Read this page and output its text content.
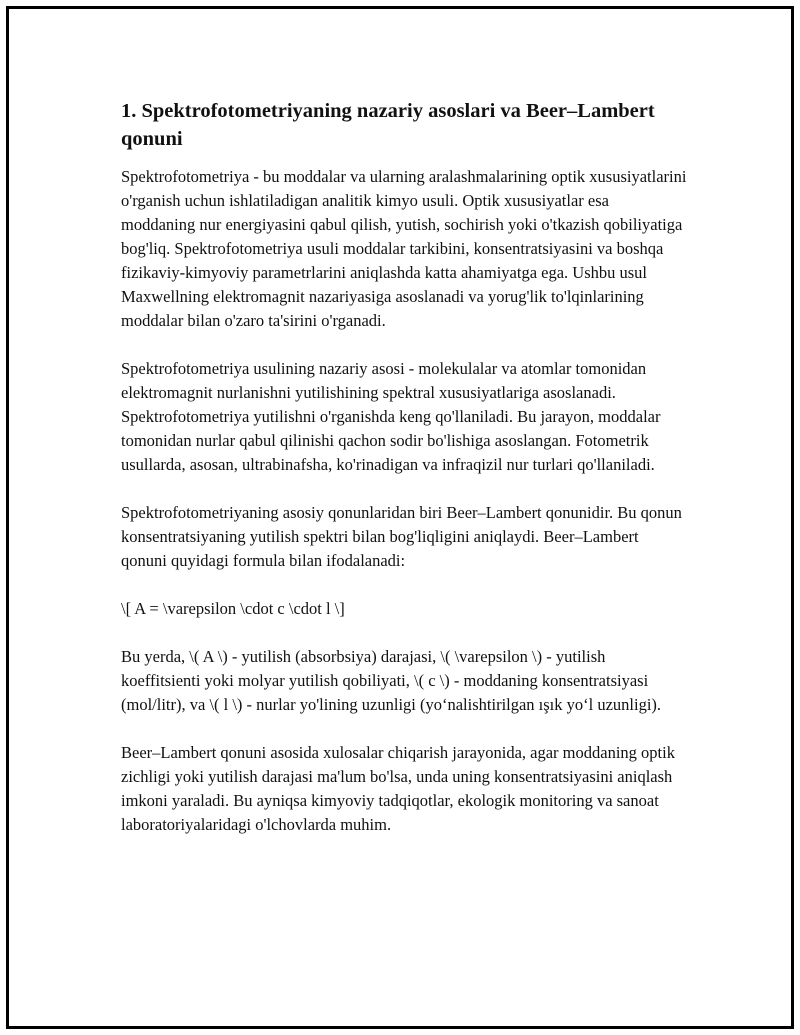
1. Spektrofotometriyaning nazariy asoslari va Beer–Lambert qonuni

Spektrofotometriya - bu moddalar va ularning aralashmalarining optik xususiyatlarini o'rganish uchun ishlatiladigan analitik kimyo usuli. Optik xususiyatlar esa moddaning nur energiyasini qabul qilish, yutish, sochirish yoki o'tkazish qobiliyatiga bog'liq. Spektrofotometriya usuli moddalar tarkibini, konsentratsiyasini va boshqa fizikaviy-kimyoviy parametrlarini aniqlashda katta ahamiyatga ega. Ushbu usul Maxwellning elektromagnit nazariyasiga asoslanadi va yorug'lik to'lqinlarining moddalar bilan o'zaro ta'sirini o'rganadi.

Spektrofotometriya usulining nazariy asosi - molekulalar va atomlar tomonidan elektromagnit nurlanishni yutilishining spektral xususiyatlariga asoslanadi. Spektrofotometriya yutilishni o'rganishda keng qo'llaniladi. Bu jarayon, moddalar tomonidan nurlar qabul qilinishi qachon sodir bo'lishiga asoslangan. Fotometrik usullarda, asosan, ultrabinafsha, ko'rinadigan va infraqizil nur turlari qo'llaniladi.

Spektrofotometriyaning asosiy qonunlaridan biri Beer–Lambert qonunidir. Bu qonun konsentratsiyaning yutilish spektri bilan bog'liqligini aniqlaydi. Beer–Lambert qonuni quyidagi formula bilan ifodalanadi:

\[ A = \varepsilon \cdot c \cdot l \]

Bu yerda, \( A \) - yutilish (absorbsiya) darajasi, \( \varepsilon \) - yutilish koeffitsienti yoki molyar yutilish qobiliyati, \( c \) - moddaning konsentratsiyasi (mol/litr), va \( l \) - nurlar yo'lining uzunligi (yo‘nalishtirilgan ışık yo‘l uzunligi).

Beer–Lambert qonuni asosida xulosalar chiqarish jarayonida, agar moddaning optik zichligi yoki yutilish darajasi ma'lum bo'lsa, unda uning konsentratsiyasini aniqlash imkoni yaraladi. Bu ayniqsa kimyoviy tadqiqotlar, ekologik monitoring va sanoat laboratoriyalaridagi o'lchovlarda muhim.
